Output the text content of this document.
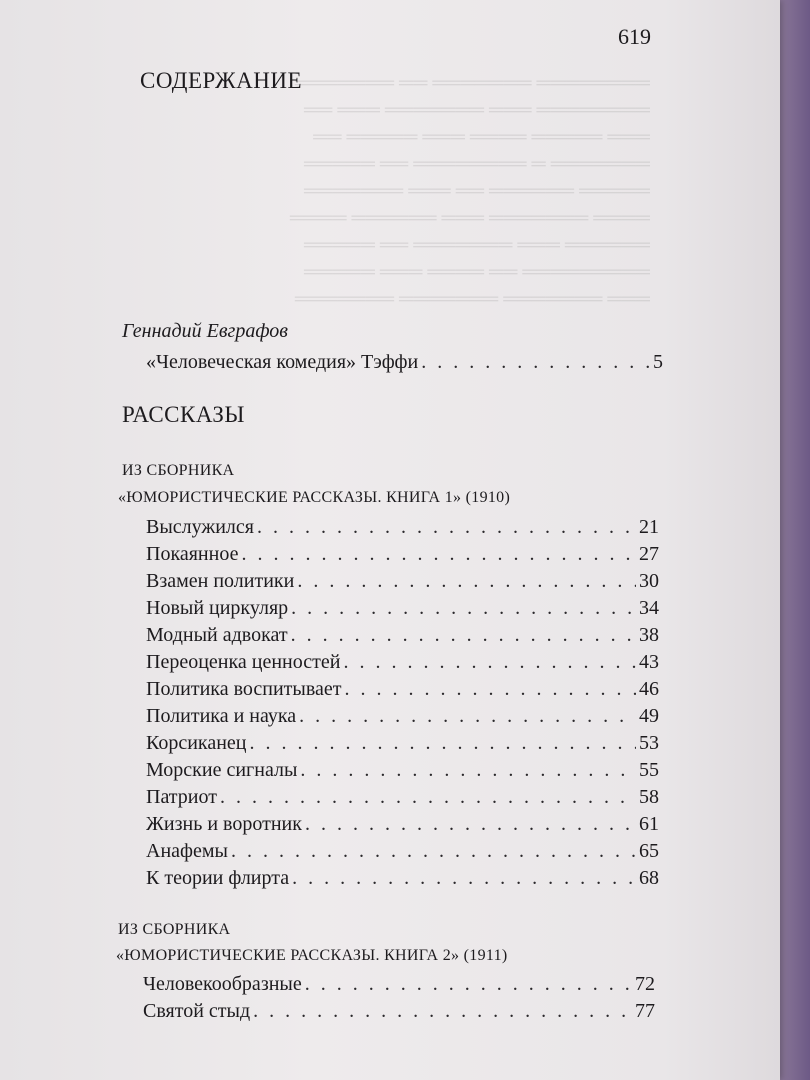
════════ ═══════ ══ ═══════
════════ ═══ ═══════ ═══ ══
═══ ═════ ════ ═══ ═════ ══
═══════ ═ ════════ ══ ═════
═════ ══════ ══ ═══ ═══════
════ ═══════ ═══ ══════ ════
══════ ═══ ═══════ ══ ═════
═════════ ══ ════ ═══ ═════
═══ ═══════ ═══════ ═══════
619
СОДЕРЖАНИЕ
Геннадий Евграфов
«Человеческая комедия» Тэффи . . .	5
РАССКАЗЫ
ИЗ СБОРНИКА
«ЮМОРИСТИЧЕСКИЕ РАССКАЗЫ. КНИГА 1» (1910)
Выслужился . . .	21
Покаянное . . .	27
Взамен политики . . .	30
Новый циркуляр . . .	34
Модный адвокат . . .	38
Переоценка ценностей . . .	43
Политика воспитывает . . .	46
Политика и наука . . .	49
Корсиканец . . .	53
Морские сигналы . . .	55
Патриот . . .	58
Жизнь и воротник . . .	61
Анафемы . . .	65
К теории флирта . . .	68
ИЗ СБОРНИКА
«ЮМОРИСТИЧЕСКИЕ РАССКАЗЫ. КНИГА 2» (1911)
Человекообразные . . .	72
Святой стыд . . .	77
